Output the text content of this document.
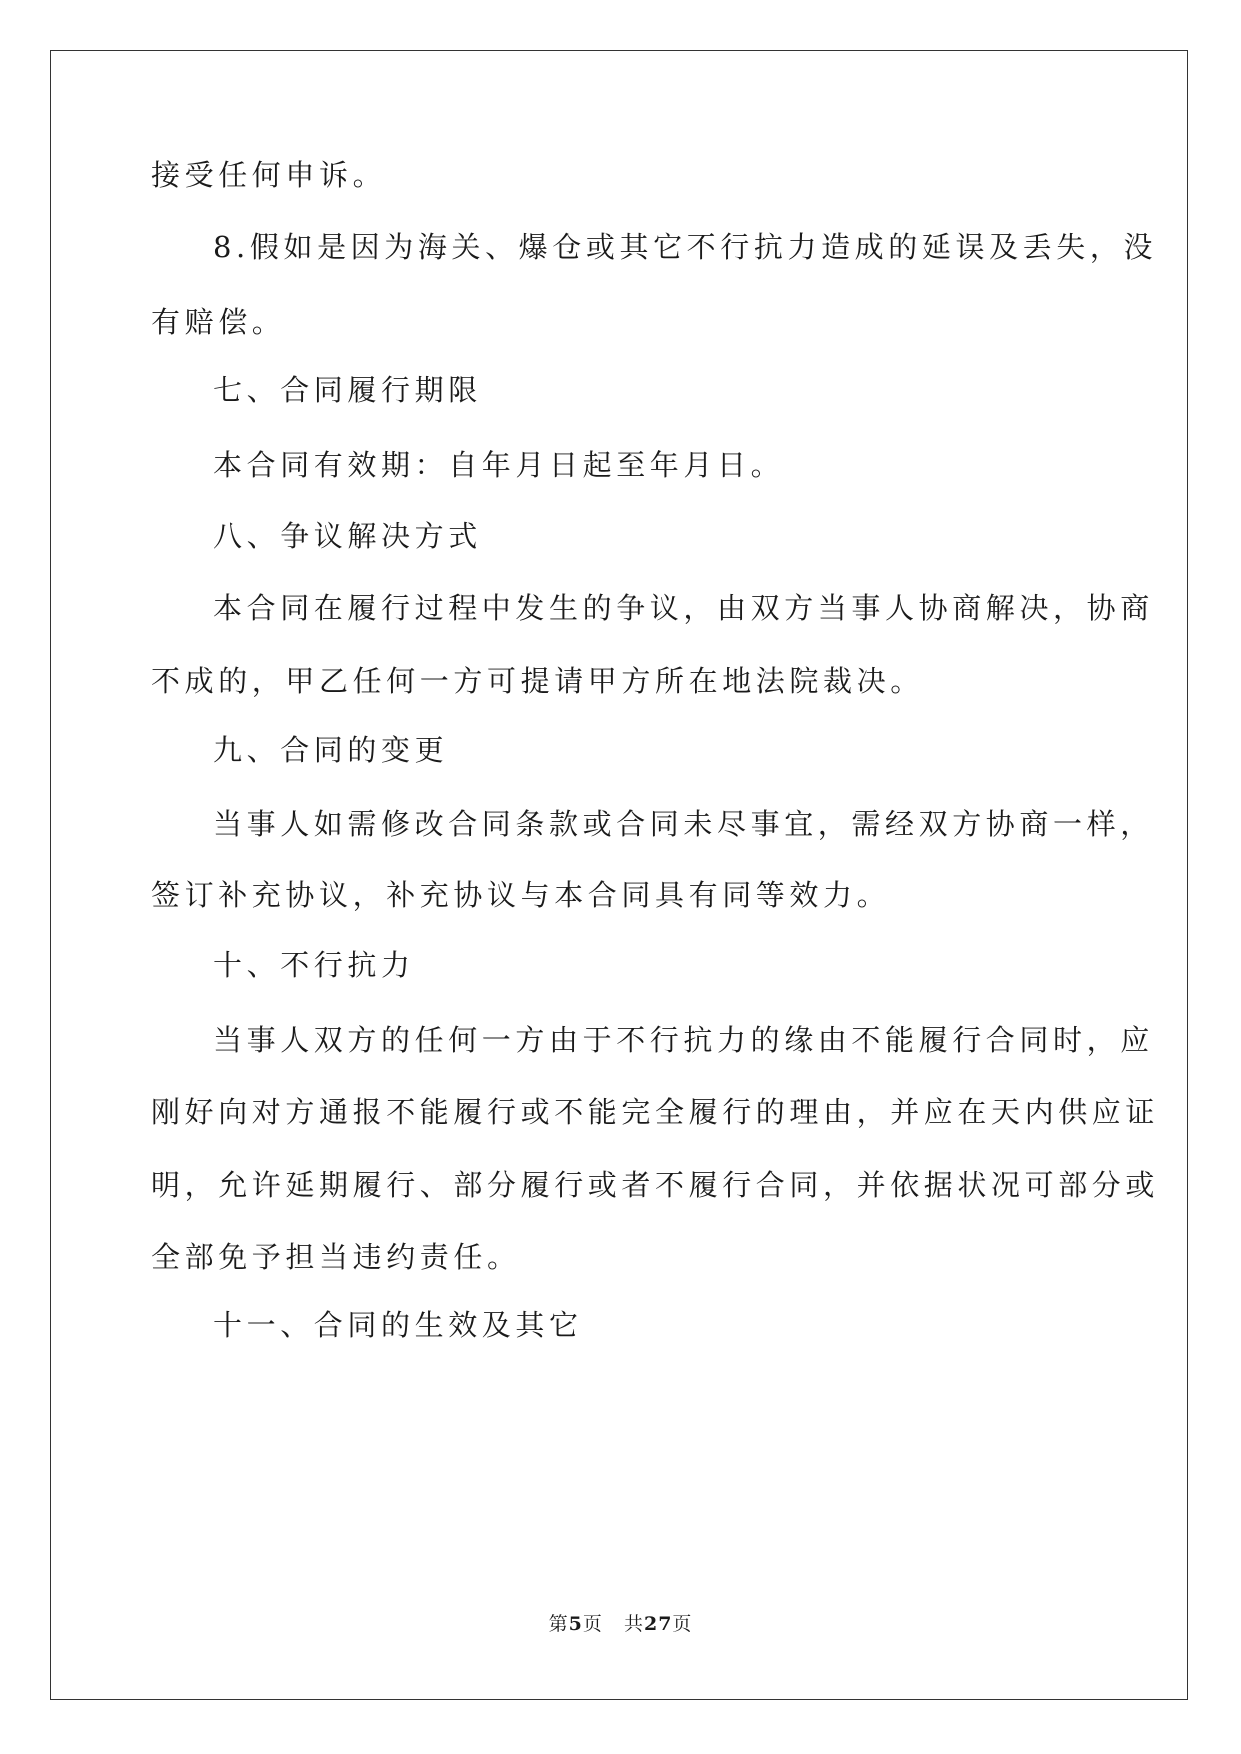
接受任何申诉。
8.假如是因为海关、爆仓或其它不行抗力造成的延误及丢失，没
有赔偿。
七、合同履行期限
本合同有效期：自年月日起至年月日。
八、争议解决方式
本合同在履行过程中发生的争议，由双方当事人协商解决，协商
不成的，甲乙任何一方可提请甲方所在地法院裁决。
九、合同的变更
当事人如需修改合同条款或合同未尽事宜，需经双方协商一样，
签订补充协议，补充协议与本合同具有同等效力。
十、不行抗力
当事人双方的任何一方由于不行抗力的缘由不能履行合同时，应
刚好向对方通报不能履行或不能完全履行的理由，并应在天内供应证
明，允许延期履行、部分履行或者不履行合同，并依据状况可部分或
全部免予担当违约责任。
十一、合同的生效及其它
第5页 共27页
